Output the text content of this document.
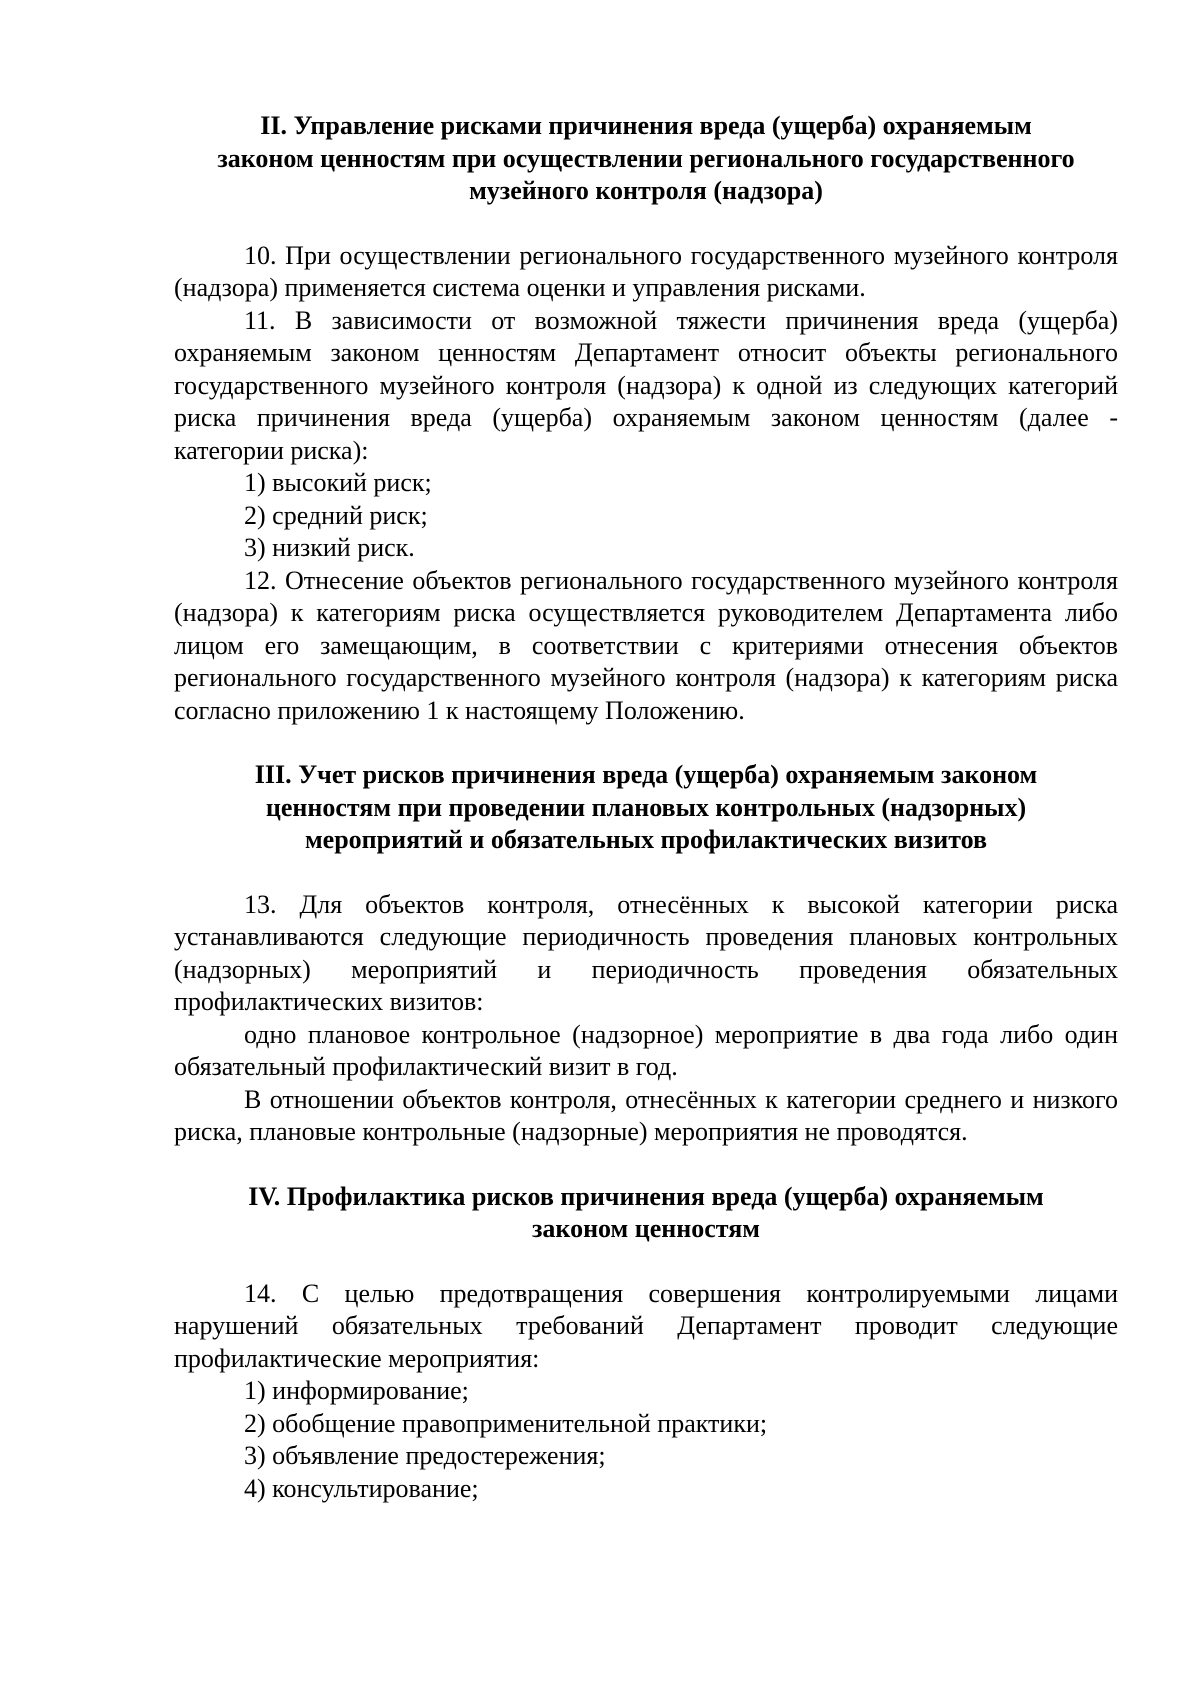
II. Управление рисками причинения вреда (ущерба) охраняемым
законом ценностям при осуществлении регионального государственного
музейного контроля (надзора)

10. При осуществлении регионального государственного музейного контроля (надзора) применяется система оценки и управления рисками.

11. В зависимости от возможной тяжести причинения вреда (ущерба) охраняемым законом ценностям Департамент относит объекты регионального государственного музейного контроля (надзора) к одной из следующих категорий риска причинения вреда (ущерба) охраняемым законом ценностям (далее - категории риска):

1) высокий риск;

2) средний риск;

3) низкий риск.

12. Отнесение объектов регионального государственного музейного контроля (надзора) к категориям риска осуществляется руководителем Департамента либо лицом его замещающим, в соответствии с критериями отнесения объектов регионального государственного музейного контроля (надзора) к категориям риска согласно приложению 1 к настоящему Положению.

III. Учет рисков причинения вреда (ущерба) охраняемым законом
ценностям при проведении плановых контрольных (надзорных)
мероприятий и обязательных профилактических визитов

13. Для объектов контроля, отнесённых к высокой категории риска устанавливаются следующие периодичность проведения плановых контрольных (надзорных) мероприятий и периодичность проведения обязательных профилактических визитов:

одно плановое контрольное (надзорное) мероприятие в два года либо один обязательный профилактический визит в год.

В отношении объектов контроля, отнесённых к категории среднего и низкого риска, плановые контрольные (надзорные) мероприятия не проводятся.

IV. Профилактика рисков причинения вреда (ущерба) охраняемым
законом ценностям

14. С целью предотвращения совершения контролируемыми лицами нарушений обязательных требований Департамент проводит следующие профилактические мероприятия:

1) информирование;

2) обобщение правоприменительной практики;

3) объявление предостережения;

4) консультирование;
